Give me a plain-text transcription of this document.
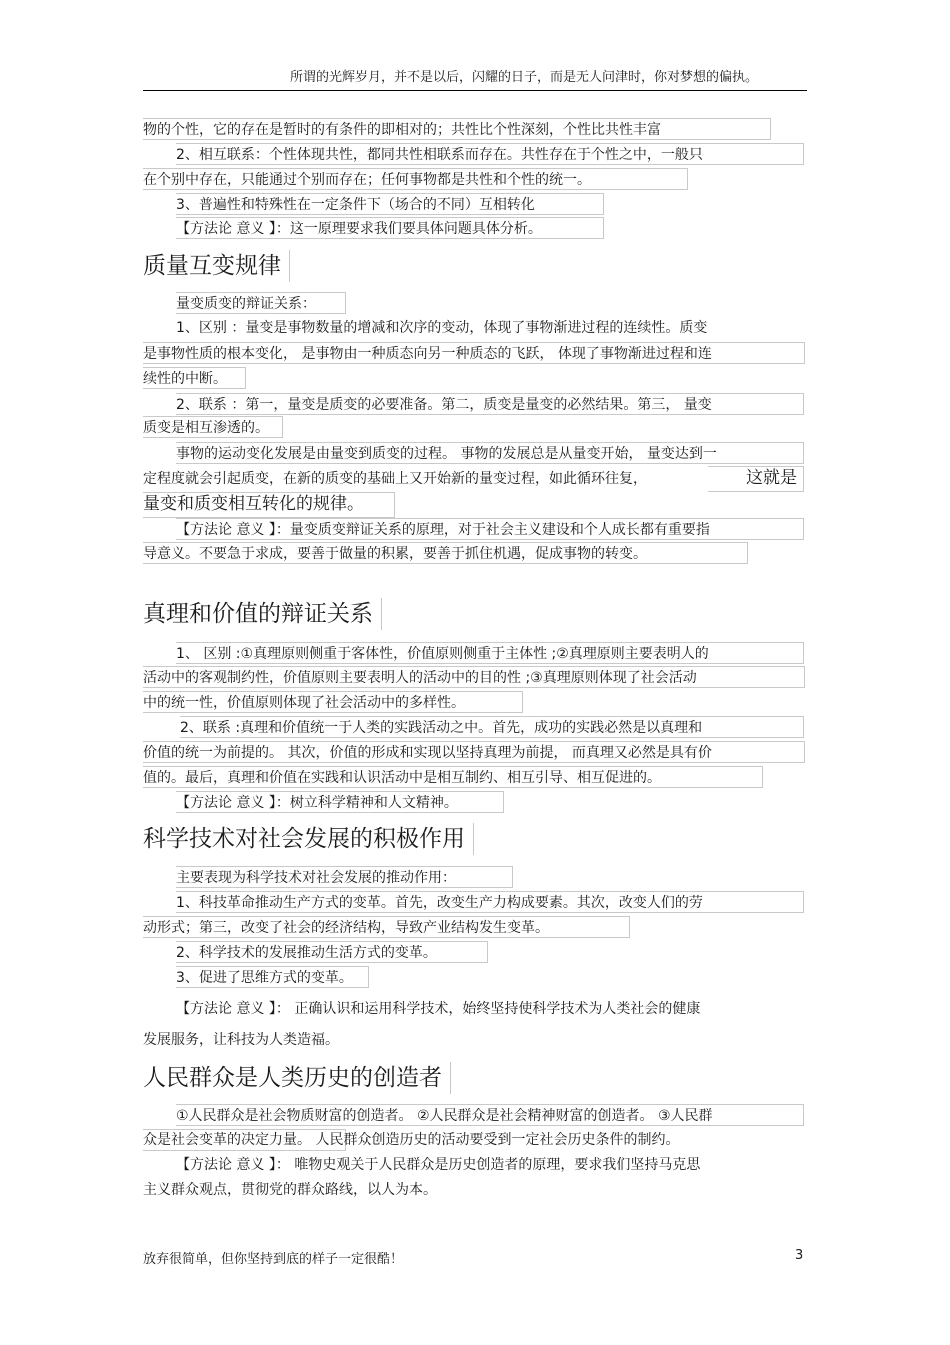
所谓的光辉岁月，并不是以后，闪耀的日子，而是无人问津时，你对梦想的偏执。
物的个性，它的存在是暂时的有条件的即相对的；共性比个性深刻，个性比共性丰富
2、相互联系：个性体现共性，都同共性相联系而存在。共性存在于个性之中，一般只
在个别中存在，只能通过个别而存在；任何事物都是共性和个性的统一。
3、普遍性和特殊性在一定条件下（场合的不同）互相转化
【方法论 意义 】：这一原理要求我们要具体问题具体分析。
质量互变规律
量变质变的辩证关系：
1、区别 ：量变是事物数量的增减和次序的变动，体现了事物渐进过程的连续性。质变
是事物性质的根本变化， 是事物由一种质态向另一种质态的飞跃， 体现了事物渐进过程和连
续性的中断。
2、联系 ：第一，量变是质变的必要准备。第二，质变是量变的必然结果。第三， 量变
质变是相互渗透的。
事物的运动变化发展是由量变到质变的过程。 事物的发展总是从量变开始， 量变达到一
定程度就会引起质变，在新的质变的基础上又开始新的量变过程，如此循环往复，	这就是
量变和质变相互转化的规律。
【方法论 意义 】：量变质变辩证关系的原理，对于社会主义建设和个人成长都有重要指
导意义。不要急于求成，要善于做量的积累，要善于抓住机遇，促成事物的转变。
真理和价值的辩证关系
1、 区别 :①真理原则侧重于客体性，价值原则侧重于主体性 ;②真理原则主要表明人的
活动中的客观制约性，价值原则主要表明人的活动中的目的性 ;③真理原则体现了社会活动
中的统一性，价值原则体现了社会活动中的多样性。
2、联系 :真理和价值统一于人类的实践活动之中。首先，成功的实践必然是以真理和
价值的统一为前提的。 其次，价值的形成和实现以坚持真理为前提， 而真理又必然是具有价
值的。最后，真理和价值在实践和认识活动中是相互制约、相互引导、相互促进的。
【方法论 意义 】：树立科学精神和人文精神。
科学技术对社会发展的积极作用
主要表现为科学技术对社会发展的推动作用：
1、科技革命推动生产方式的变革。首先，改变生产力构成要素。其次，改变人们的劳
动形式；第三，改变了社会的经济结构，导致产业结构发生变革。
2、科学技术的发展推动生活方式的变革。
3、促进了思维方式的变革。
【方法论 意义 】： 正确认识和运用科学技术，始终坚持使科学技术为人类社会的健康
发展服务，让科技为人类造福。
人民群众是人类历史的创造者
①人民群众是社会物质财富的创造者。 ②人民群众是社会精神财富的创造者。 ③人民群
众是社会变革的决定力量。 人民群众创造历史的活动要受到一定社会历史条件的制约。
【方法论 意义 】： 唯物史观关于人民群众是历史创造者的原理，要求我们坚持马克思
主义群众观点，贯彻党的群众路线，以人为本。
放弃很简单，但你坚持到底的样子一定很酷！	3
